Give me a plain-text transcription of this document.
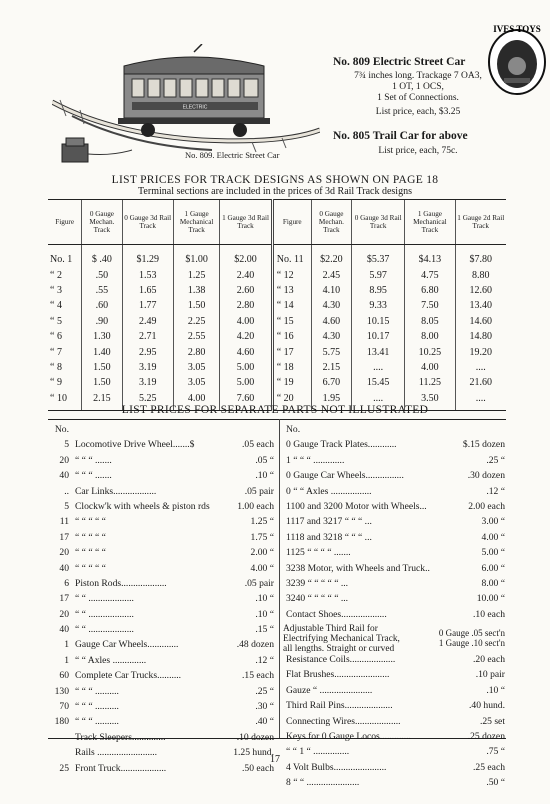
ELECTRIC
IVES TOYS
No. 809 Electric Street Car
7¾ inches long. Trackage 7 OA3,
1 OT, 1 OCS,
1 Set of Connections.
List price, each, $3.25
No. 805 Trail Car for above
List price, each, 75c.
No. 809. Electric Street Car
LIST PRICES FOR TRACK DESIGNS AS SHOWN ON PAGE 18
Terminal sections are included in the prices of 3d Rail Track designs
Figure	0 Gauge Mechan. Track	0 Gauge 3d Rail Track	1 Gauge Mechanical Track	1 Gauge 3d Rail Track	Figure	0 Gauge Mechan. Track	0 Gauge 3d Rail Track	1 Gauge Mechanical Track	1 Gauge 2d Rail Track
No. 1	$ .40	$1.29	$1.00	$2.00	No. 11	$2.20	$5.37	$4.13	$7.80
“ 2	.50	1.53	1.25	2.40	“ 12	2.45	5.97	4.75	8.80
“ 3	.55	1.65	1.38	2.60	“ 13	4.10	8.95	6.80	12.60
“ 4	.60	1.77	1.50	2.80	“ 14	4.30	9.33	7.50	13.40
“ 5	.90	2.49	2.25	4.00	“ 15	4.60	10.15	8.05	14.60
“ 6	1.30	2.71	2.55	4.20	“ 16	4.30	10.17	8.00	14.80
“ 7	1.40	2.95	2.80	4.60	“ 17	5.75	13.41	10.25	19.20
“ 8	1.50	3.19	3.05	5.00	“ 18	2.15	....	4.00	....
“ 9	1.50	3.19	3.05	5.00	“ 19	6.70	15.45	11.25	21.60
“ 10	2.15	5.25	4.00	7.60	“ 20	1.95	....	3.50	....
LIST PRICES FOR SEPARATE PARTS NOT ILLUSTRATED
No.
5 Locomotive Drive Wheel.......$	.05 each
20 “ “ “ .......	.05 “
40 “ “ “ .......	.10 “
.. Car Links..................	.05 pair
5 Clockw'k with wheels & piston rds	1.00 each
11 “ “ “ “ “	1.25 “
17 “ “ “ “ “	1.75 “
20 “ “ “ “ “	2.00 “
40 “ “ “ “ “	4.00 “
6 Piston Rods...................	.05 pair
17 “ “ ...................	.10 “
20 “ “ ...................	.10 “
40 “ “ ...................	.15 “
1 Gauge Car Wheels.............	.48 dozen
1 “ “ Axles ..............	.12 “
60 Complete Car Trucks..........	.15 each
130 “ “ “ ..........	.25 “
70 “ “ “ ..........	.30 “
180 “ “ “ ..........	.40 “
Track Sleepers..............	.10 dozen
Rails .........................	1.25 hund.
25 Front Truck...................	.50 each
No.
0 Gauge Track Plates............	$.15 dozen
1 “ “ “ .............	.25 “
0 Gauge Car Wheels................	.30 dozen
0 “ “ Axles .................	.12 “
1100 and 3200 Motor with Wheels...	2.00 each
1117 and 3217 “ “ “ ...	3.00 “
1118 and 3218 “ “ “ ...	4.00 “
1125 “ “ “ “ .......	5.00 “
3238 Motor, with Wheels and Truck..	6.00 “
3239 “ “ “ “ “ ...	8.00 “
3240 “ “ “ “ “ ...	10.00 “
Contact Shoes...................	.10 each
Adjustable Third Rail for
Electrifying Mechanical Track,
all lengths. Straight or curved
0 Gauge .05 sect'n
1 Gauge .10 sect'n
Resistance Coils...................	.20 each
Flat Brushes.......................	.10 pair
Gauze “ ......................	.10 “
Third Rail Pins....................	.40 hund.
Connecting Wires...................	.25 set
Keys for 0 Gauge Locos.............	.25 dozen
“ “ 1 “ ...............	.75 “
4 Volt Bulbs......................	.25 each
8 “ “ ......................	.50 “
17
